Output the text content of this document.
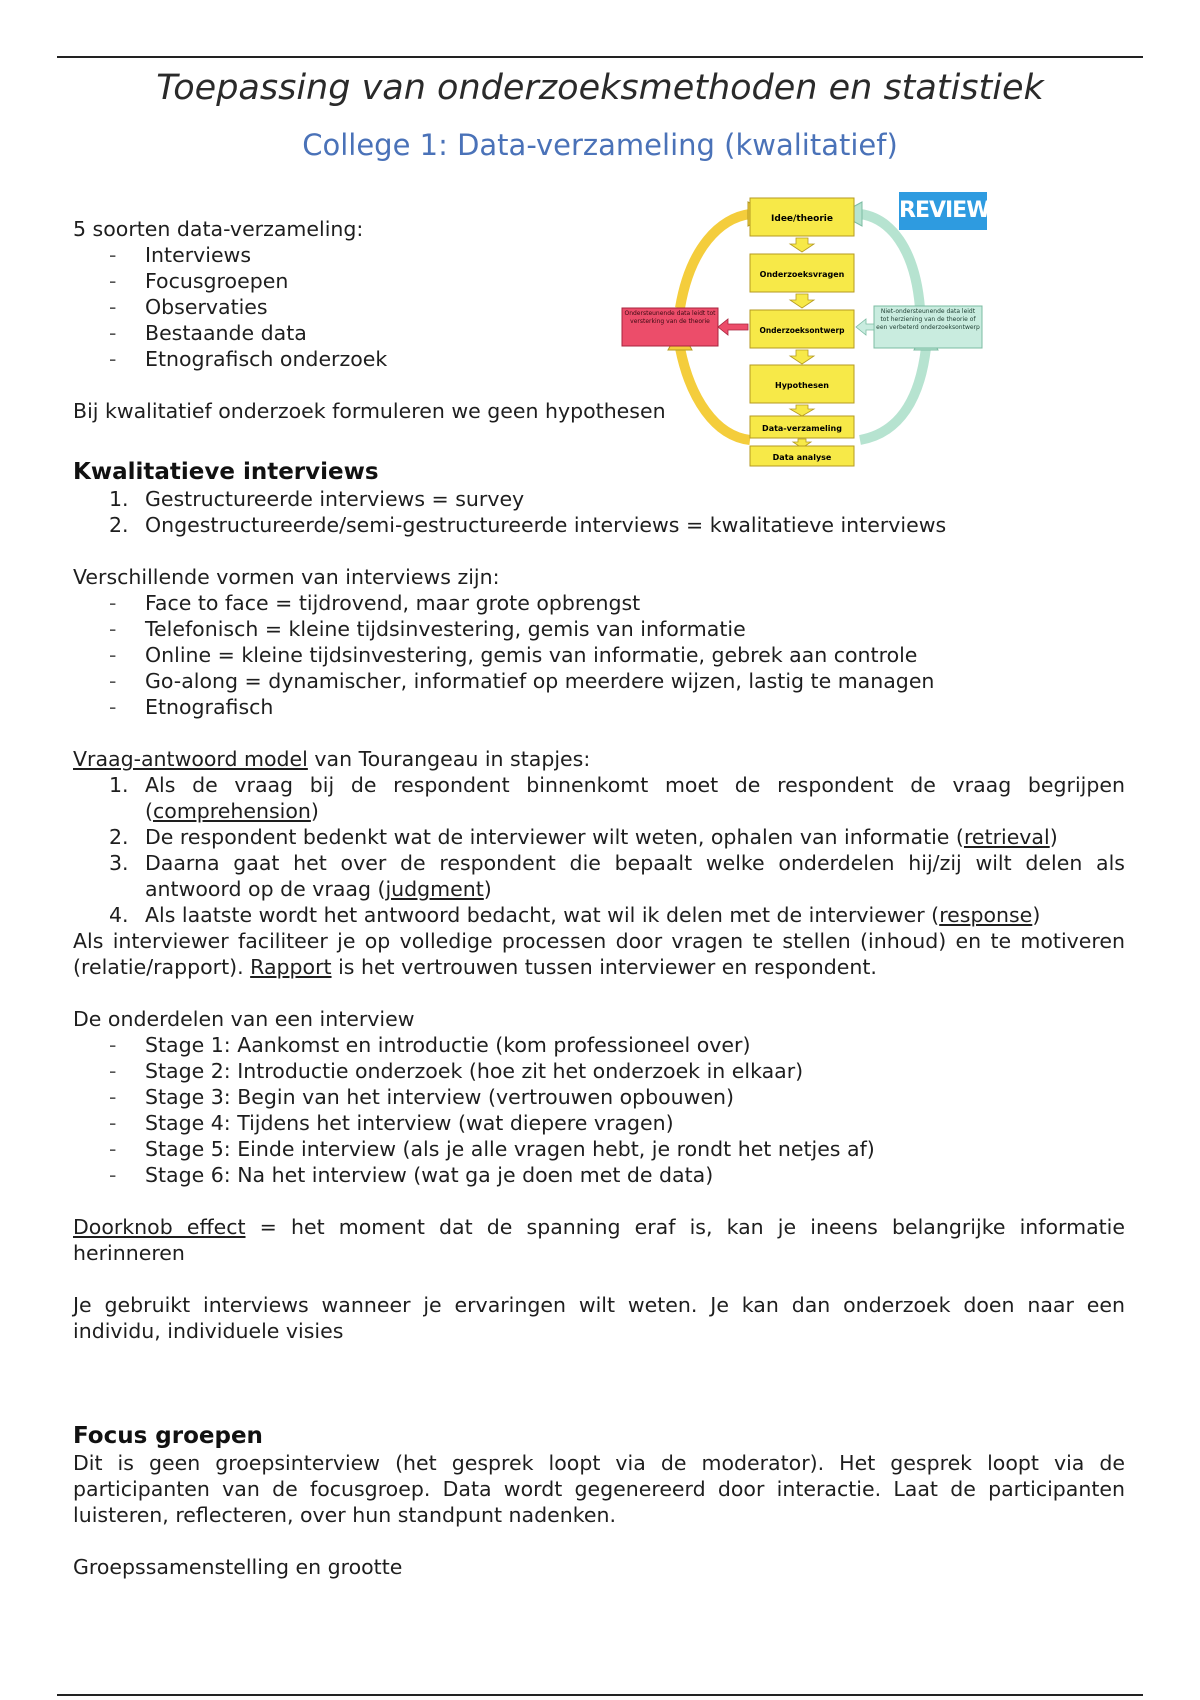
Toepassing van onderzoeksmethoden en statistiek
College 1: Data-verzameling (kwalitatief)
Idee/theorie
Onderzoeksvragen
Onderzoeksontwerp
Hypothesen
Data-verzameling
Data analyse
Ondersteunende data leidt tot versterking van de theorie
Niet-ondersteunende data leidt tot herziening van de theorie of een verbeterd onderzoeksontwerp
REVIEW

5 soorten data-verzameling:

- Interviews
- Focusgroepen
- Observaties
- Bestaande data
- Etnografisch onderzoek

Bij kwalitatief onderzoek formuleren we geen hypothesen

Kwalitatieve interviews
1. Gestructureerde interviews = survey
2. Ongestructureerde/semi-gestructureerde interviews = kwalitatieve interviews

Verschillende vormen van interviews zijn:

- Face to face = tijdrovend, maar grote opbrengst
- Telefonisch = kleine tijdsinvestering, gemis van informatie
- Online = kleine tijdsinvestering, gemis van informatie, gebrek aan controle
- Go-along = dynamischer, informatief op meerdere wijzen, lastig te managen
- Etnografisch

Vraag-antwoord model van Tourangeau in stapjes:

1. Als de vraag bij de respondent binnenkomt moet de respondent de vraag begrijpen (comprehension)
2. De respondent bedenkt wat de interviewer wilt weten, ophalen van informatie (retrieval)
3. Daarna gaat het over de respondent die bepaalt welke onderdelen hij/zij wilt delen als antwoord op de vraag (judgment)
4. Als laatste wordt het antwoord bedacht, wat wil ik delen met de interviewer (response)

Als interviewer faciliteer je op volledige processen door vragen te stellen (inhoud) en te motiveren (relatie/rapport). Rapport is het vertrouwen tussen interviewer en respondent.

De onderdelen van een interview

- Stage 1: Aankomst en introductie (kom professioneel over)
- Stage 2: Introductie onderzoek (hoe zit het onderzoek in elkaar)
- Stage 3: Begin van het interview (vertrouwen opbouwen)
- Stage 4: Tijdens het interview (wat diepere vragen)
- Stage 5: Einde interview (als je alle vragen hebt, je rondt het netjes af)
- Stage 6: Na het interview (wat ga je doen met de data)

Doorknob effect = het moment dat de spanning eraf is, kan je ineens belangrijke informatie herinneren

Je gebruikt interviews wanneer je ervaringen wilt weten. Je kan dan onderzoek doen naar een individu, individuele visies

Focus groepen

Dit is geen groepsinterview (het gesprek loopt via de moderator). Het gesprek loopt via de participanten van de focusgroep. Data wordt gegenereerd door interactie. Laat de participanten luisteren, reflecteren, over hun standpunt nadenken.

Groepssamenstelling en grootte
